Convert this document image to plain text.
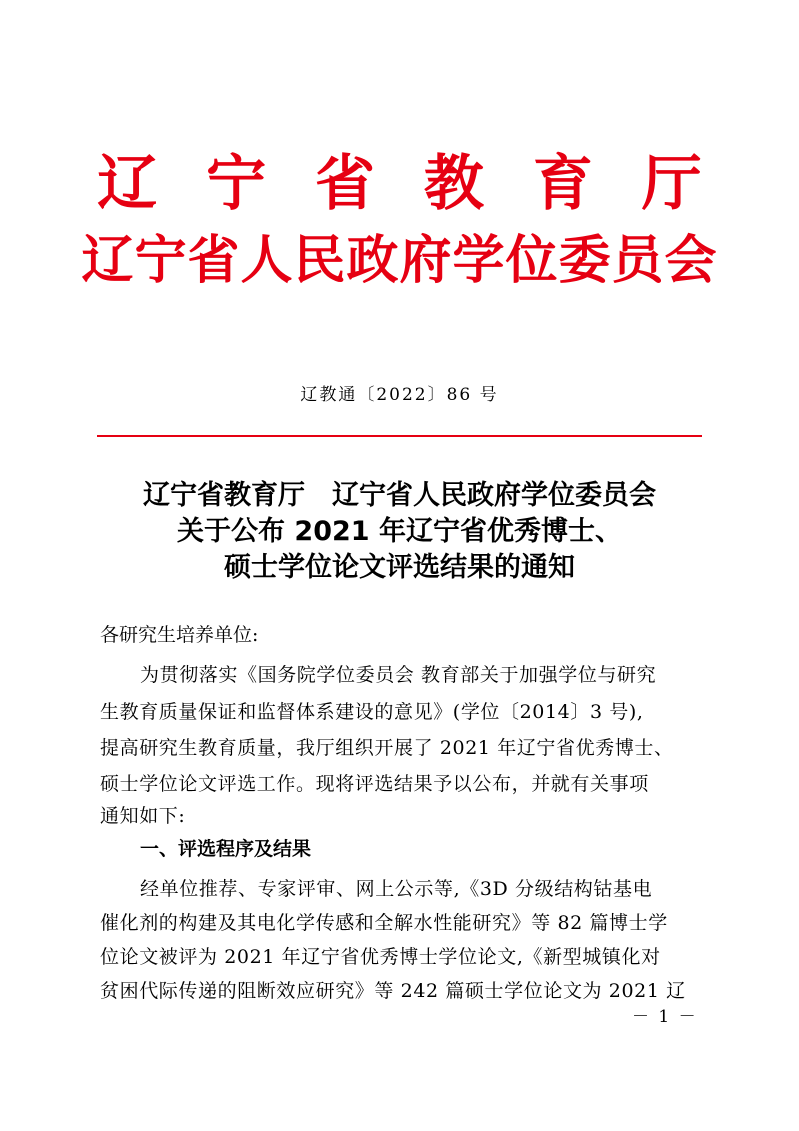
辽 宁 省 教 育 厅
辽宁省人民政府学位委员会
辽教通〔2022〕86 号
辽宁省教育厅　辽宁省人民政府学位委员会
关于公布 2021 年辽宁省优秀博士、
硕士学位论文评选结果的通知
各研究生培养单位:
为贯彻落实《国务院学位委员会 教育部关于加强学位与研究
生教育质量保证和监督体系建设的意见》(学位〔2014〕3 号),
提高研究生教育质量，我厅组织开展了 2021 年辽宁省优秀博士、
硕士学位论文评选工作。现将评选结果予以公布，并就有关事项
通知如下:
一、评选程序及结果
经单位推荐、专家评审、网上公示等,《3D 分级结构钴基电
催化剂的构建及其电化学传感和全解水性能研究》等 82 篇博士学
位论文被评为 2021 年辽宁省优秀博士学位论文,《新型城镇化对
贫困代际传递的阻断效应研究》等 242 篇硕士学位论文为 2021 辽
－ 1 －
